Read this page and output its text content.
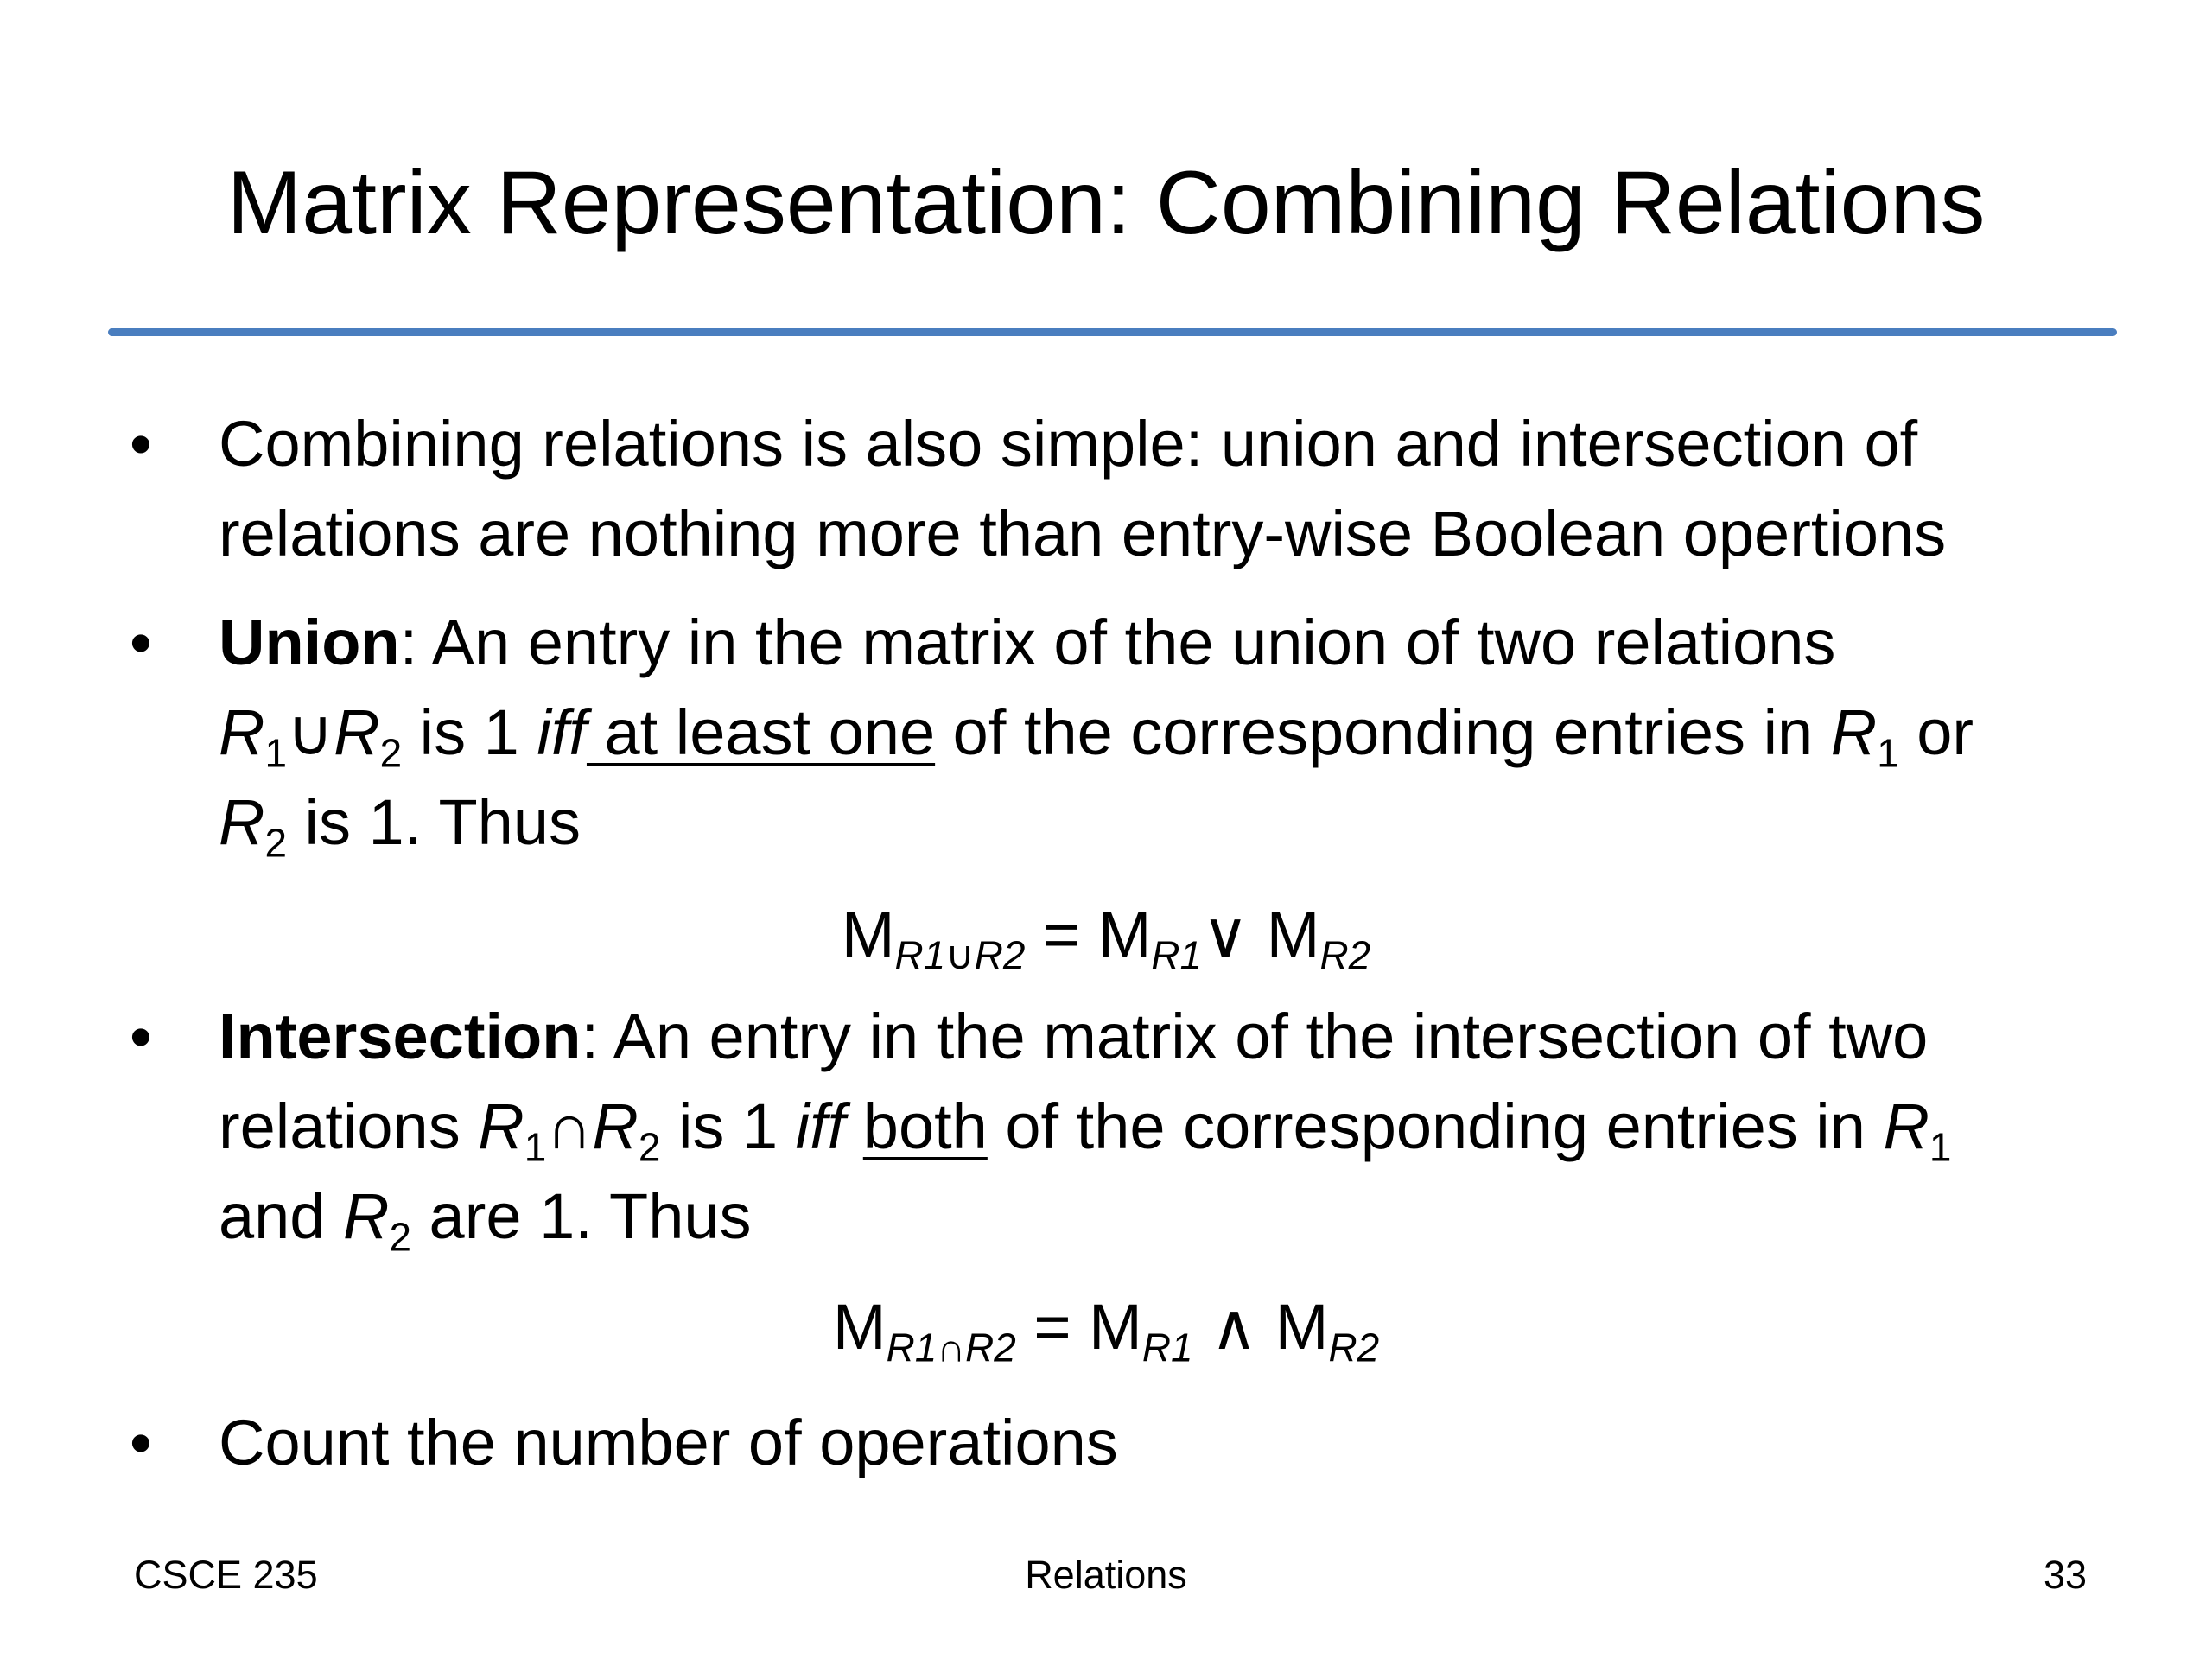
Matrix Representation: Combining Relations
• Combining relations is also simple: union and intersection of
relations are nothing more than entry-wise Boolean opertions
• Union: An entry in the matrix of the union of two relations
$R_1\cup R_2$ is 1 iff at least one of the corresponding entries in $R_1$ or
$R_2$ is 1. Thus
$M_{R1\cup R2}$ = $M_{R1}\vee$ $M_{R2}$
• Intersection: An entry in the matrix of the intersection of two
relations $R_1\cap R_2$ is 1 iff both of the corresponding entries in $R_1$
and $R_2$ are 1. Thus
$M_{R1\cap R2} = M_{R1}$ ∧ $M_{R2}$
• Count the number of operations
CSCE 235	Relations	33
